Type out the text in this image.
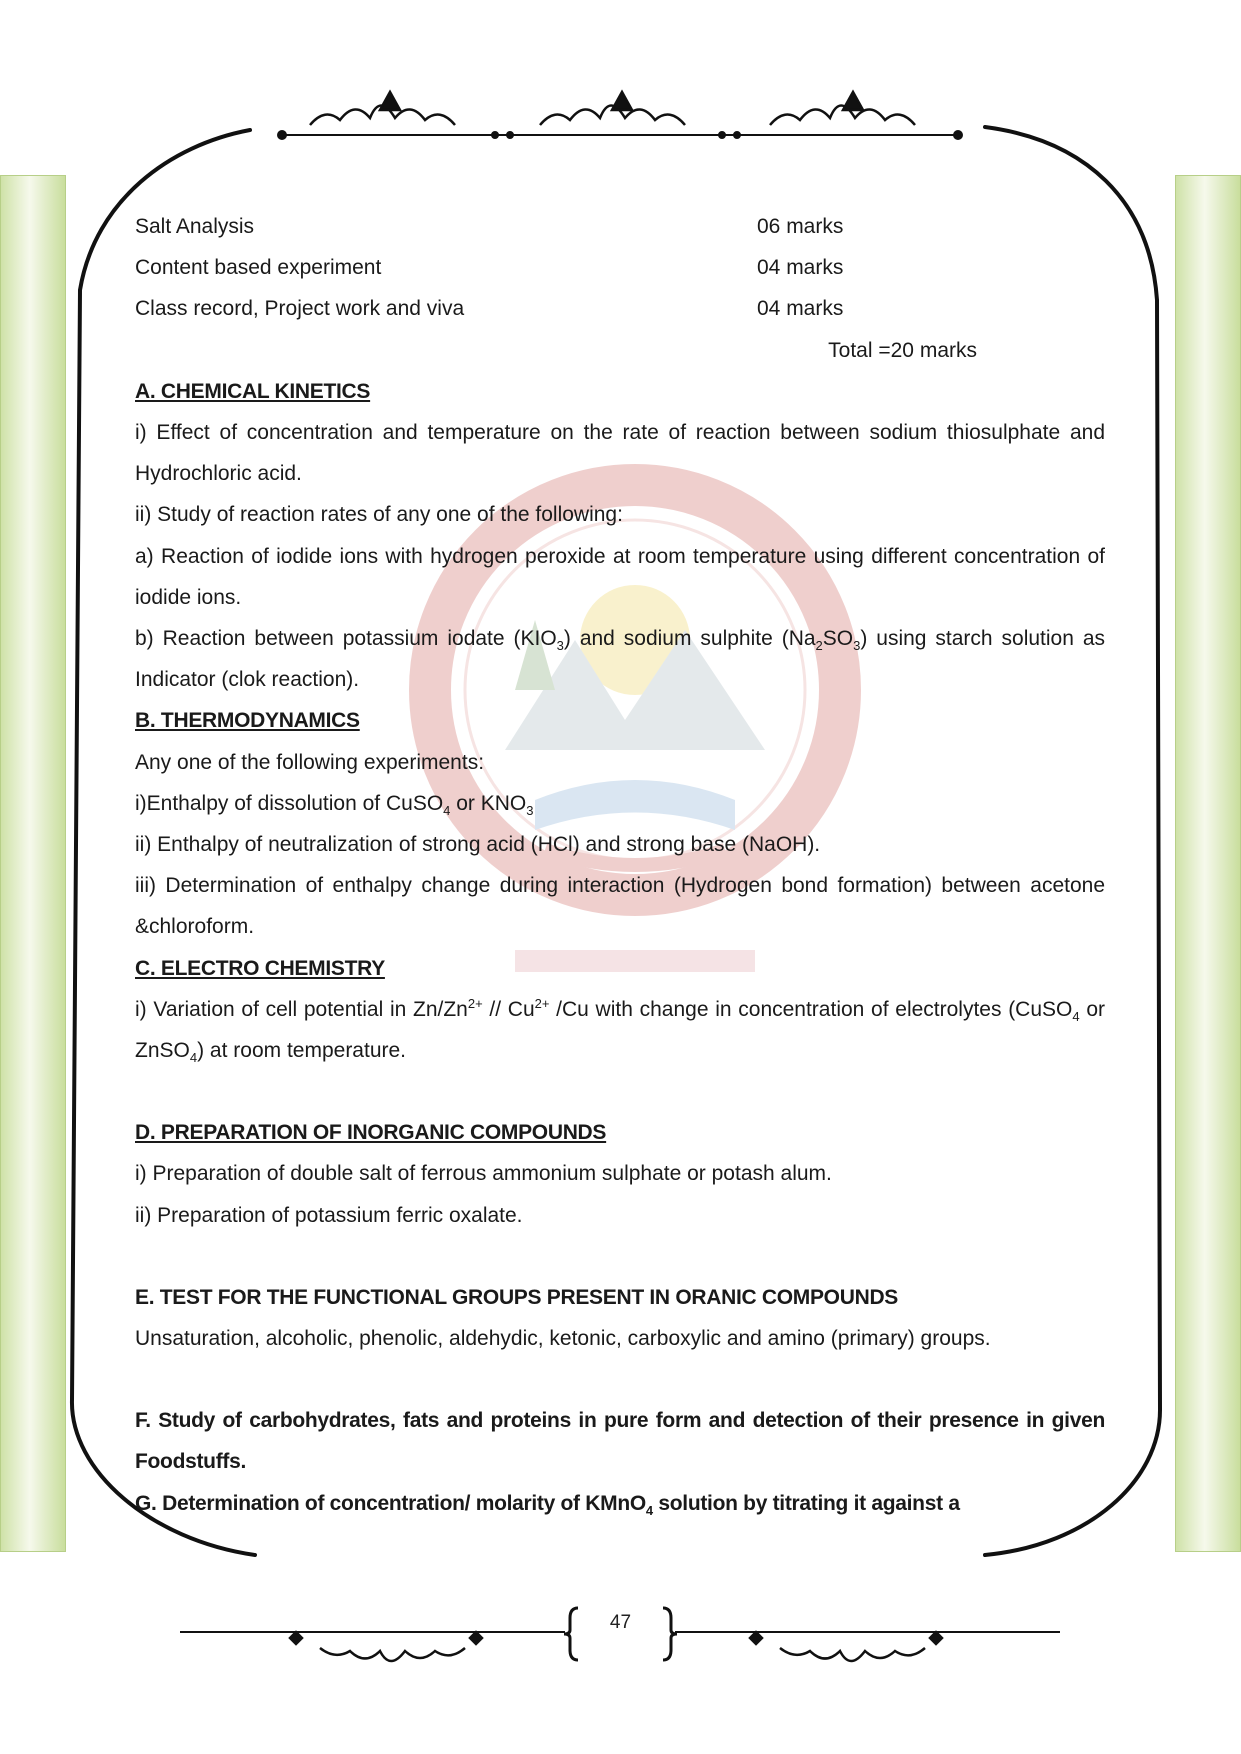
Salt Analysis	06 marks
Content based experiment	04 marks
Class record, Project work and viva	04 marks
Total =20 marks
A. CHEMICAL KINETICS

i) Effect of concentration and temperature on the rate of reaction between sodium thiosulphate and Hydrochloric acid.

ii) Study of reaction rates of any one of the following:

a) Reaction of iodide ions with hydrogen peroxide at room temperature using different concentration of iodide ions.

b) Reaction between potassium iodate $(KIO_3)$ and sodium sulphite $(Na_2SO_3)$ using starch solution as Indicator (clok reaction).

B. THERMODYNAMICS

Any one of the following experiments:

i)Enthalpy of dissolution of CuSO$_4$ or $KNO_3$

ii) Enthalpy of neutralization of strong acid (HCl) and strong base (NaOH).

iii) Determination of enthalpy change during interaction (Hydrogen bond formation) between acetone &chloroform.

C. ELECTRO CHEMISTRY

i) Variation of cell potential in $Zn/Zn^{2+} // Cu^{2+}$ /Cu with change in concentration of electrolytes (CuSO$_4$ or ZnSO$_4$) at room temperature.

D. PREPARATION OF INORGANIC COMPOUNDS

i) Preparation of double salt of ferrous ammonium sulphate or potash alum.

ii) Preparation of potassium ferric oxalate.

E. TEST FOR THE FUNCTIONAL GROUPS PRESENT IN ORANIC COMPOUNDS

Unsaturation, alcoholic, phenolic, aldehydic, ketonic, carboxylic and amino (primary) groups.

F. Study of carbohydrates, fats and proteins in pure form and detection of their presence in given Foodstuffs.

G. Determination of concentration/ molarity of KMnO$_4$ solution by titrating it against a

47
